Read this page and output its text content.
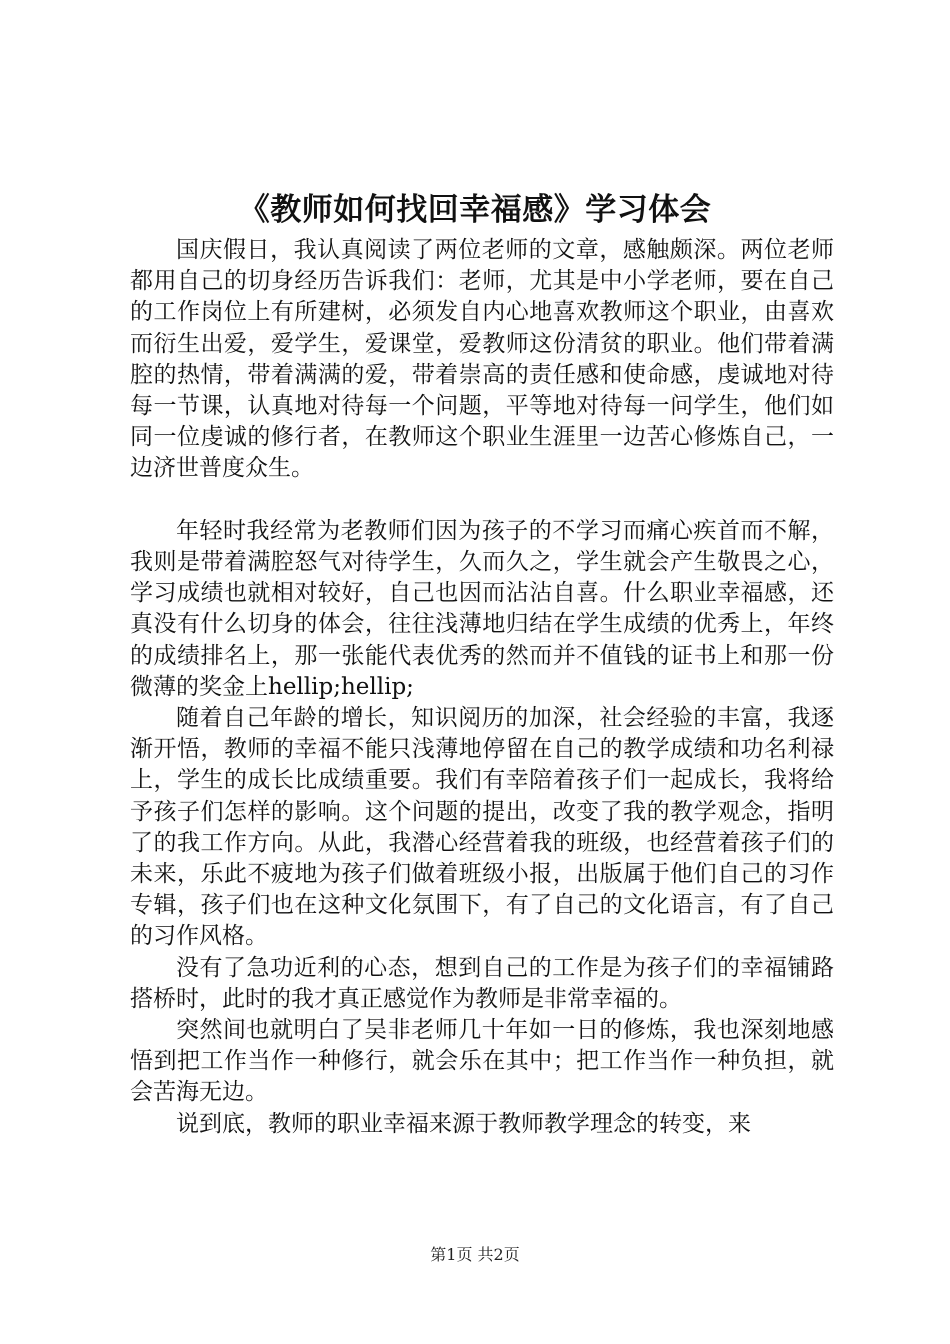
《教师如何找回幸福感》学习体会

国庆假日，我认真阅读了两位老师的文章，感触颇深。两位老师都用自己的切身经历告诉我们：老师，尤其是中小学老师，要在自己的工作岗位上有所建树，必须发自内心地喜欢教师这个职业，由喜欢而衍生出爱，爱学生，爱课堂，爱教师这份清贫的职业。他们带着满腔的热情，带着满满的爱，带着崇高的责任感和使命感，虔诚地对待每一节课，认真地对待每一个问题，平等地对待每一问学生，他们如同一位虔诚的修行者，在教师这个职业生涯里一边苦心修炼自己，一边济世普度众生。

年轻时我经常为老教师们因为孩子的不学习而痛心疾首而不解，我则是带着满腔怒气对待学生，久而久之，学生就会产生敬畏之心，学习成绩也就相对较好，自己也因而沾沾自喜。什么职业幸福感，还真没有什么切身的体会，往往浅薄地归结在学生成绩的优秀上，年终的成绩排名上，那一张能代表优秀的然而并不值钱的证书上和那一份微薄的奖金上hellip;hellip;

随着自己年龄的增长，知识阅历的加深，社会经验的丰富，我逐渐开悟，教师的幸福不能只浅薄地停留在自己的教学成绩和功名利禄上，学生的成长比成绩重要。我们有幸陪着孩子们一起成长，我将给予孩子们怎样的影响。这个问题的提出，改变了我的教学观念，指明了的我工作方向。从此，我潜心经营着我的班级，也经营着孩子们的未来，乐此不疲地为孩子们做着班级小报，出版属于他们自己的习作专辑，孩子们也在这种文化氛围下，有了自己的文化语言，有了自己的习作风格。

没有了急功近利的心态，想到自己的工作是为孩子们的幸福铺路搭桥时，此时的我才真正感觉作为教师是非常幸福的。

突然间也就明白了吴非老师几十年如一日的修炼，我也深刻地感悟到把工作当作一种修行，就会乐在其中；把工作当作一种负担，就会苦海无边。

说到底，教师的职业幸福来源于教师教学理念的转变，来

第1页 共2页
